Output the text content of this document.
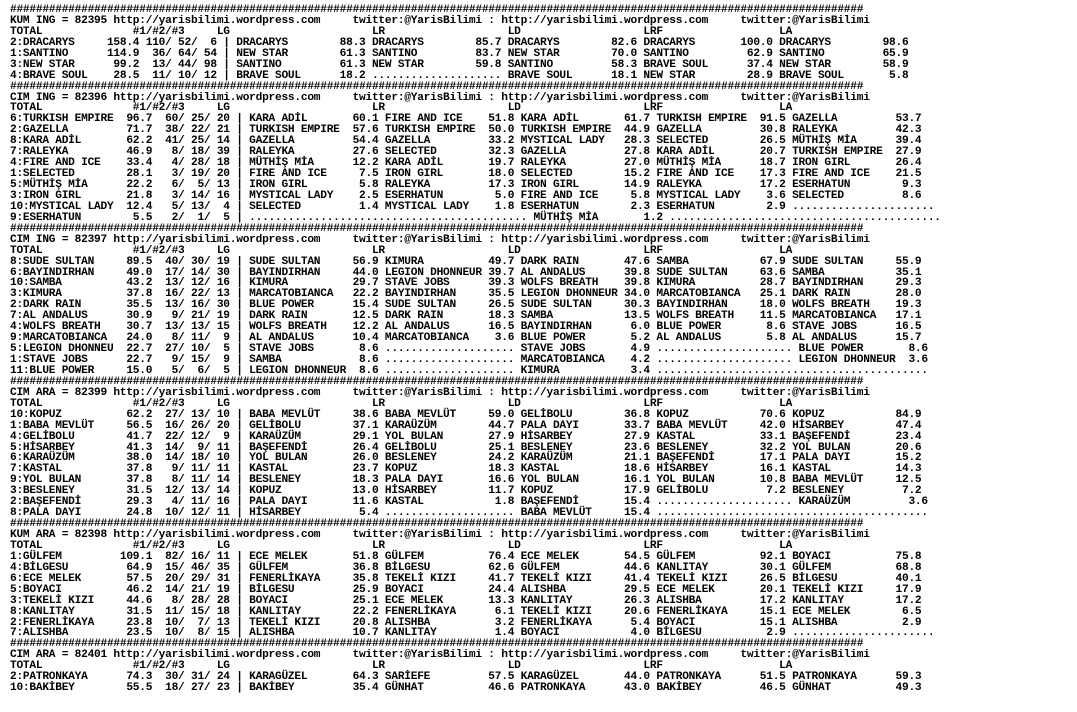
####################################################################################################################################
KUM ING = 82395 http://yarisbilimi.wordpress.com     twitter:@YarisBilimi : http://yarisbilimi.wordpress.com     twitter:@YarisBilimi
TOTAL              #1/#2/#3     LG                      LR                   LD                   LRF                  LA
2:DRACARYS     158.4 110/ 52/  6 | DRACARYS        88.3 DRACARYS        85.7 DRACARYS        82.6 DRACARYS       100.0 DRACARYS        98.6
1:SANTINO      114.9  36/ 64/ 54 | NEW STAR        61.3 SANTINO         83.7 NEW STAR        70.0 SANTINO         62.9 SANTINO         65.9
3:NEW STAR      99.2  13/ 44/ 98 | SANTINO         61.3 NEW STAR        59.8 SANTINO         58.3 BRAVE SOUL      37.4 NEW STAR        58.9
4:BRAVE SOUL    28.5  11/ 10/ 12 | BRAVE SOUL      18.2 .................... BRAVE SOUL      18.1 NEW STAR        28.9 BRAVE SOUL       5.8
####################################################################################################################################
CIM ING = 82396 http://yarisbilimi.wordpress.com     twitter:@YarisBilimi : http://yarisbilimi.wordpress.com     twitter:@YarisBilimi
TOTAL              #1/#2/#3     LG                      LR                   LD                   LRF                  LA
6:TURKISH EMPIRE  96.7  60/ 25/ 20 | KARA ADİL       60.1 FIRE AND ICE    51.8 KARA ADİL       61.7 TURKISH EMPIRE  91.5 GAZELLA         53.7
2:GAZELLA         71.7  38/ 22/ 21 | TURKISH EMPIRE  57.6 TURKISH EMPIRE  50.0 TURKISH EMPIRE  44.9 GAZELLA         30.8 RALEYKA         42.3
8:KARA ADİL       62.2  41/ 25/ 14 | GAZELLA         54.4 GAZELLA         33.2 MYSTICAL LADY   28.3 SELECTED        26.5 MÜTHİŞ MİA      39.4
7:RALEYKA         46.9   8/ 18/ 39 | RALEYKA         27.6 SELECTED        32.3 GAZELLA         27.8 KARA ADİL       20.7 TURKISH EMPIRE  27.9
4:FIRE AND ICE    33.4   4/ 28/ 18 | MÜTHİŞ MİA      12.2 KARA ADİL       19.7 RALEYKA         27.0 MÜTHİŞ MİA      18.7 IRON GIRL       26.4
1:SELECTED        28.1   3/ 19/ 20 | FIRE AND ICE     7.5 IRON GIRL       18.0 SELECTED        15.2 FIRE AND ICE    17.3 FIRE AND ICE    21.5
5:MÜTHİŞ MİA      22.2   6/  5/ 13 | IRON GIRL        5.8 RALEYKA         17.3 IRON GIRL       14.9 RALEYKA         17.2 ESERHATUN        9.3
3:IRON GIRL       21.8   3/ 14/ 16 | MYSTICAL LADY    2.5 ESERHATUN        5.0 FIRE AND ICE     5.8 MYSTICAL LADY    3.6 SELECTED         8.6
10:MYSTICAL LADY  12.4   5/ 13/  4 | SELECTED         1.4 MYSTICAL LADY    1.8 ESERHATUN        2.3 ESERHATUN        2.9 ......................
9:ESERHATUN        5.5   2/  1/  5 | ........................................... MÜTHİŞ MİA       1.2 ..........................................
####################################################################################################################################
CIM ING = 82397 http://yarisbilimi.wordpress.com     twitter:@YarisBilimi : http://yarisbilimi.wordpress.com     twitter:@YarisBilimi
TOTAL              #1/#2/#3     LG                      LR                   LD                   LRF                  LA
8:SUDE SULTAN     89.5  40/ 30/ 19 | SUDE SULTAN     56.9 KIMURA          49.7 DARK RAIN       47.6 SAMBA           67.9 SUDE SULTAN     55.9
6:BAYINDIRHAN     49.0  17/ 14/ 30 | BAYINDIRHAN     44.0 LEGION DHONNEUR 39.7 AL ANDALUS      39.8 SUDE SULTAN     63.6 SAMBA           35.1
10:SAMBA          43.2  13/ 12/ 16 | KIMURA          29.7 STAVE JOBS      39.3 WOLFS BREATH    39.8 KIMURA          28.7 BAYINDIRHAN     29.3
3:KIMURA          37.8  16/ 22/ 13 | MARCATOBIANCA   22.2 BAYINDIRHAN     35.5 LEGION DHONNEUR 34.0 MARCATOBIANCA   25.1 DARK RAIN       28.0
2:DARK RAIN       35.5  13/ 16/ 30 | BLUE POWER      15.4 SUDE SULTAN     26.5 SUDE SULTAN     30.3 BAYINDIRHAN     18.0 WOLFS BREATH    19.3
7:AL ANDALUS      30.9   9/ 21/ 19 | DARK RAIN       12.5 DARK RAIN       18.3 SAMBA           13.5 WOLFS BREATH    11.5 MARCATOBIANCA   17.1
4:WOLFS BREATH    30.7  13/ 13/ 15 | WOLFS BREATH    12.2 AL ANDALUS      16.5 BAYINDIRHAN      6.0 BLUE POWER       8.6 STAVE JOBS      16.5
9:MARCATOBIANCA   24.0   8/ 11/  9 | AL ANDALUS      10.4 MARCATOBIANCA    3.6 BLUE POWER       5.2 AL ANDALUS       5.8 AL ANDALUS      15.7
5:LEGION DHONNEU  22.7  27/ 10/  5 | STAVE JOBS       8.6 .................... STAVE JOBS       4.9 ..................... BLUE POWER       8.6
1:STAVE JOBS      22.7   9/ 15/  9 | SAMBA            8.6 .................... MARCATOBIANCA    4.2 ..................... LEGION DHONNEUR  3.6
11:BLUE POWER     15.0   5/  6/  5 | LEGION DHONNEUR  8.6 .................... KIMURA           3.4 ..........................................
####################################################################################################################################
CIM ARA = 82399 http://yarisbilimi.wordpress.com     twitter:@YarisBilimi : http://yarisbilimi.wordpress.com     twitter:@YarisBilimi
TOTAL              #1/#2/#3     LG                      LR                   LD                   LRF                  LA
10:KOPUZ          62.2  27/ 13/ 10 | BABA MEVLÜT     38.6 BABA MEVLÜT     59.0 GELİBOLU        36.8 KOPUZ           70.6 KOPUZ           84.9
1:BABA MEVLÜT     56.5  16/ 26/ 20 | GELİBOLU        37.1 KARAÜZÜM        44.7 PALA DAYI       33.7 BABA MEVLÜT     42.0 HİSARBEY        47.4
4:GELİBOLU        41.7  22/ 12/  9 | KARAÜZÜM        29.1 YOL BULAN       27.9 HİSARBEY        27.9 KASTAL          33.1 BAŞEFENDİ       23.4
5:HİSARBEY        41.3  14/  9/ 11 | BAŞEFENDİ       26.4 GELİBOLU        25.1 BESLENEY        23.6 BESLENEY        32.2 YOL BULAN       20.6
6:KARAÜZÜM        38.0  14/ 18/ 10 | YOL BULAN       26.0 BESLENEY        24.2 KARAÜZÜM        21.1 BAŞEFENDİ       17.1 PALA DAYI       15.2
7:KASTAL          37.8   9/ 11/ 11 | KASTAL          23.7 KOPUZ           18.3 KASTAL          18.6 HİSARBEY        16.1 KASTAL          14.3
9:YOL BULAN       37.8   8/ 11/ 14 | BESLENEY        18.3 PALA DAYI       16.6 YOL BULAN       16.1 YOL BULAN       10.8 BABA MEVLÜT     12.5
3:BESLENEY        31.5  12/ 13/ 14 | KOPUZ           13.0 HİSARBEY        11.7 KOPUZ           17.9 GELİBOLU         7.2 BESLENEY         7.2
2:BAŞEFENDİ       29.3   4/ 11/ 16 | PALA DAYI       11.6 KASTAL           1.8 BAŞEFENDİ       15.4 ..................... KARAÜZÜM         3.6
8:PALA DAYI       24.8  10/ 12/ 11 | HİSARBEY         5.4 .................... BABA MEVLÜT     15.4 ..........................................
####################################################################################################################################
KUM ARA = 82398 http://yarisbilimi.wordpress.com     twitter:@YarisBilimi : http://yarisbilimi.wordpress.com     twitter:@YarisBilimi
TOTAL              #1/#2/#3     LG                      LR                   LD                   LRF                  LA
1:GÜLFEM         109.1  82/ 16/ 11 | ECE MELEK       51.8 GÜLFEM          76.4 ECE MELEK       54.5 GÜLFEM          92.1 BOYACI          75.8
4:BİLGESU         64.9  15/ 46/ 35 | GÜLFEM          36.8 BİLGESU         62.6 GÜLFEM          44.6 KANLITAY        30.1 GÜLFEM          68.8
6:ECE MELEK       57.5  20/ 29/ 31 | FENERLİKAYA     35.8 TEKELİ KIZI     41.7 TEKELİ KIZI     41.4 TEKELİ KIZI     26.5 BİLGESU         40.1
5:BOYACI          46.2  14/ 21/ 19 | BİLGESU         25.9 BOYACI          24.4 ALISHBA         29.5 ECE MELEK       20.1 TEKELİ KIZI     17.9
3:TEKELİ KIZI     44.6   8/ 28/ 28 | BOYACI          25.1 ECE MELEK       13.3 KANLITAY        26.3 ALISHBA         17.2 KANLITAY        17.2
8:KANLITAY        31.5  11/ 15/ 18 | KANLITAY        22.2 FENERLİKAYA      6.1 TEKELİ KIZI     20.6 FENERLİKAYA     15.1 ECE MELEK        6.5
2:FENERLİKAYA     23.8  10/  7/ 13 | TEKELİ KIZI     20.8 ALISHBA          3.2 FENERLİKAYA      5.4 BOYACI          15.1 ALISHBA          2.9
7:ALISHBA         23.5  10/  8/ 15 | ALISHBA         10.7 KANLITAY         1.4 BOYACI           4.0 BİLGESU          2.9 ......................
####################################################################################################################################
CIM ARA = 82401 http://yarisbilimi.wordpress.com     twitter:@YarisBilimi : http://yarisbilimi.wordpress.com     twitter:@YarisBilimi
TOTAL              #1/#2/#3     LG                      LR                   LD                   LRF                  LA
2:PATRONKAYA      74.3  30/ 31/ 24 | KARAGÜZEL       64.3 SARİEFE         57.5 KARAGÜZEL       44.0 PATRONKAYA      51.5 PATRONKAYA      59.3
10:BAKİBEY        55.5  18/ 27/ 23 | BAKİBEY         35.4 GÜNHAT          46.6 PATRONKAYA      43.0 BAKİBEY         46.5 GÜNHAT          49.3
